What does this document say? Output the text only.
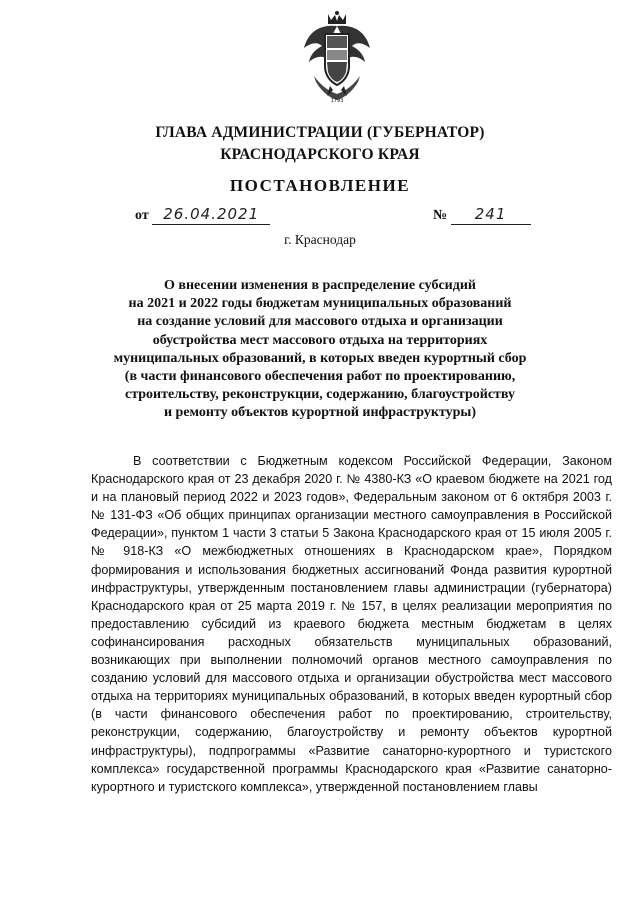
1793
ГЛАВА АДМИНИСТРАЦИИ (ГУБЕРНАТОР)
КРАСНОДАРСКОГО КРАЯ
ПОСТАНОВЛЕНИЕ
от 26.04.2021	№ 241
г. Краснодар
О внесении изменения в распределение субсидий
на 2021 и 2022 годы бюджетам муниципальных образований
на создание условий для массового отдыха и организации
обустройства мест массового отдыха на территориях
муниципальных образований, в которых введен курортный сбор
(в части финансового обеспечения работ по проектированию,
строительству, реконструкции, содержанию, благоустройству
и ремонту объектов курортной инфраструктуры)

В соответствии с Бюджетным кодексом Российской Федерации, Законом Краснодарского края от 23 декабря 2020 г. № 4380-КЗ «О краевом бюджете на 2021 год и на плановый период 2022 и 2023 годов», Федеральным законом от 6 октября 2003 г. № 131-ФЗ «Об общих принципах организации местного самоуправления в Российской Федерации», пунктом 1 части 3 статьи 5 Закона Краснодарского края от 15 июля 2005 г. № 918-КЗ «О межбюджетных отношениях в Краснодарском крае», Порядком формирования и использования бюджетных ассигнований Фонда развития курортной инфраструктуры, утвержденным постановлением главы администрации (губернатора) Краснодарского края от 25 марта 2019 г. № 157, в целях реализации мероприятия по предоставлению субсидий из краевого бюджета местным бюджетам в целях софинансирования расходных обязательств муниципальных образований, возникающих при выполнении полномочий органов местного самоуправления по созданию условий для массового отдыха и организации обустройства мест массового отдыха на территориях муниципальных образований, в которых введен курортный сбор (в части финансового обеспечения работ по проектированию, строительству, реконструкции, содержанию, благоустройству и ремонту объектов курортной инфраструктуры), подпрограммы «Развитие санаторно-курортного и туристского комплекса» государственной программы Краснодарского края «Развитие санаторно-курортного и туристского комплекса», утвержденной постановлением главы
